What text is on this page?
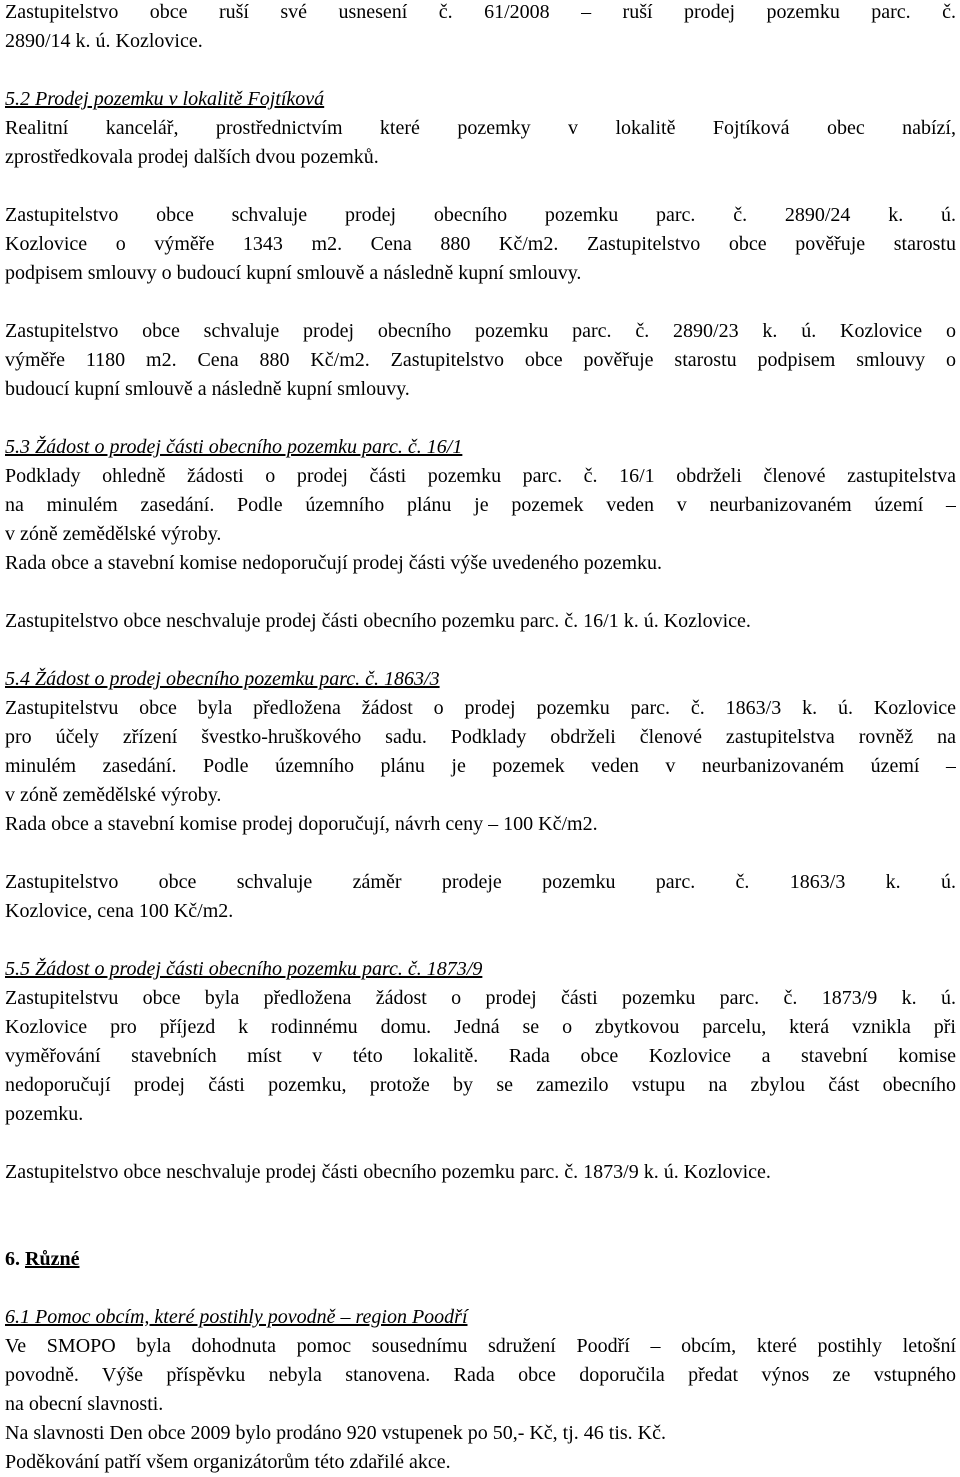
Zastupitelstvo obce ruší své usnesení č. 61/2008 – ruší prodej pozemku parc. č.
2890/14 k. ú. Kozlovice.
5.2 Prodej pozemku v lokalitě Fojtíková
Realitní kancelář, prostřednictvím které pozemky v lokalitě Fojtíková obec nabízí,
zprostředkovala prodej dalších dvou pozemků.
Zastupitelstvo obce schvaluje prodej obecního pozemku parc. č. 2890/24 k. ú.
Kozlovice o výměře 1343 m2. Cena 880 Kč/m2. Zastupitelstvo obce pověřuje starostu
podpisem smlouvy o budoucí kupní smlouvě a následně kupní smlouvy.
Zastupitelstvo obce schvaluje prodej obecního pozemku parc. č. 2890/23 k. ú. Kozlovice o
výměře 1180 m2. Cena 880 Kč/m2. Zastupitelstvo obce pověřuje starostu podpisem smlouvy o
budoucí kupní smlouvě a následně kupní smlouvy.
5.3 Žádost o prodej části obecního pozemku parc. č. 16/1
Podklady ohledně žádosti o prodej části pozemku parc. č. 16/1 obdrželi členové zastupitelstva
na minulém zasedání. Podle územního plánu je pozemek veden v neurbanizovaném území –
v zóně zemědělské výroby.
Rada obce a stavební komise nedoporučují prodej části výše uvedeného pozemku.
Zastupitelstvo obce neschvaluje prodej části obecního pozemku parc. č. 16/1 k. ú. Kozlovice.
5.4 Žádost o prodej obecního pozemku parc. č. 1863/3
Zastupitelstvu obce byla předložena žádost o prodej pozemku parc. č. 1863/3 k. ú. Kozlovice
pro účely zřízení švestko-hruškového sadu. Podklady obdrželi členové zastupitelstva rovněž na
minulém zasedání. Podle územního plánu je pozemek veden v neurbanizovaném území –
v zóně zemědělské výroby.
Rada obce a stavební komise prodej doporučují, návrh ceny – 100 Kč/m2.
Zastupitelstvo obce schvaluje záměr prodeje pozemku parc. č. 1863/3 k. ú.
Kozlovice, cena 100 Kč/m2.
5.5 Žádost o prodej části obecního pozemku parc. č. 1873/9
Zastupitelstvu obce byla předložena žádost o prodej části pozemku parc. č. 1873/9 k. ú.
Kozlovice pro příjezd k rodinnému domu. Jedná se o zbytkovou parcelu, která vznikla při
vyměřování stavebních míst v této lokalitě. Rada obce Kozlovice a stavební komise
nedoporučují prodej části pozemku, protože by se zamezilo vstupu na zbylou část obecního
pozemku.
Zastupitelstvo obce neschvaluje prodej části obecního pozemku parc. č. 1873/9 k. ú. Kozlovice.
6. Různé
6.1 Pomoc obcím, které postihly povodně – region Poodří
Ve SMOPO byla dohodnuta pomoc sousednímu sdružení Poodří – obcím, které postihly letošní
povodně. Výše příspěvku nebyla stanovena. Rada obce doporučila předat výnos ze vstupného
na obecní slavnosti.
Na slavnosti Den obce 2009 bylo prodáno 920 vstupenek po 50,- Kč, tj. 46 tis. Kč.
Poděkování patří všem organizátorům této zdařilé akce.
